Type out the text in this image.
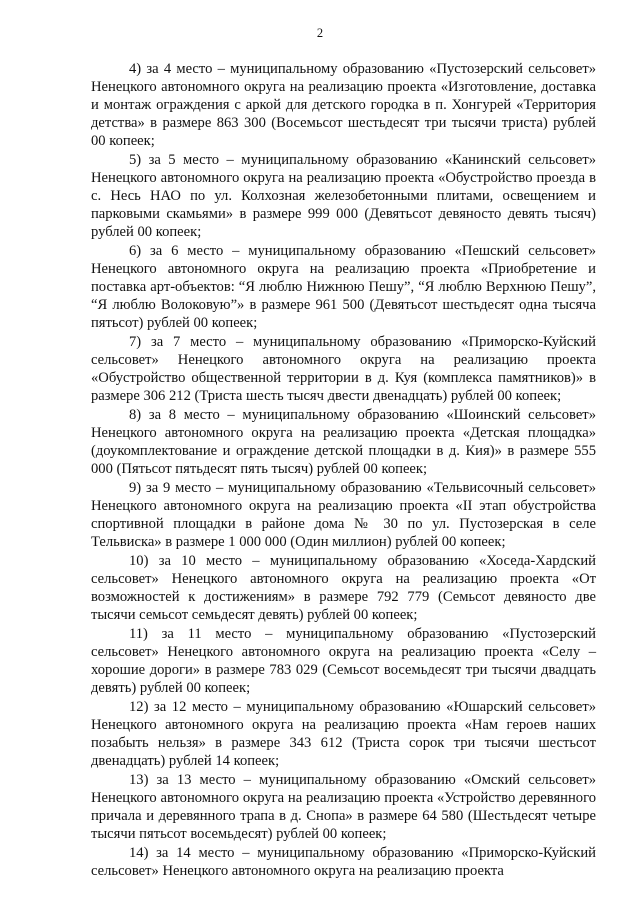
2

4) за 4 место – муниципальному образованию «Пустозерский сельсовет» Ненецкого автономного округа на реализацию проекта «Изготовление, доставка и монтаж ограждения с аркой для детского городка в п. Хонгурей «Территория детства» в размере 863 300 (Восемьсот шестьдесят три тысячи триста) рублей 00 копеек;

5) за 5 место – муниципальному образованию «Канинский сельсовет» Ненецкого автономного округа на реализацию проекта «Обустройство проезда в с. Несь НАО по ул. Колхозная железобетонными плитами, освещением и парковыми скамьями» в размере 999 000 (Девятьсот девяносто девять тысяч) рублей 00 копеек;

6) за 6 место – муниципальному образованию «Пешский сельсовет» Ненецкого автономного округа на реализацию проекта «Приобретение и поставка арт-объектов: “Я люблю Нижнюю Пешу”, “Я люблю Верхнюю Пешу”, “Я люблю Волоковую”» в размере 961 500 (Девятьсот шестьдесят одна тысяча пятьсот) рублей 00 копеек;

7) за 7 место – муниципальному образованию «Приморско-Куйский сельсовет» Ненецкого автономного округа на реализацию проекта «Обустройство общественной территории в д. Куя (комплекса памятников)» в размере 306 212 (Триста шесть тысяч двести двенадцать) рублей 00 копеек;

8) за 8 место – муниципальному образованию «Шоинский сельсовет» Ненецкого автономного округа на реализацию проекта «Детская площадка» (доукомплектование и ограждение детской площадки в д. Кия)» в размере 555 000 (Пятьсот пятьдесят пять тысяч) рублей 00 копеек;

9) за 9 место – муниципальному образованию «Тельвисочный сельсовет» Ненецкого автономного округа на реализацию проекта «II этап обустройства спортивной площадки в районе дома № 30 по ул. Пустозерская в селе Тельвиска» в размере 1 000 000 (Один миллион) рублей 00 копеек;

10) за 10 место – муниципальному образованию «Хоседа-Хардский сельсовет» Ненецкого автономного округа на реализацию проекта «От возможностей к достижениям» в размере 792 779 (Семьсот девяносто две тысячи семьсот семьдесят девять) рублей 00 копеек;

11) за 11 место – муниципальному образованию «Пустозерский сельсовет» Ненецкого автономного округа на реализацию проекта «Селу – хорошие дороги» в размере 783 029 (Семьсот восемьдесят три тысячи двадцать девять) рублей 00 копеек;

12) за 12 место – муниципальному образованию «Юшарский сельсовет» Ненецкого автономного округа на реализацию проекта «Нам героев наших позабыть нельзя» в размере 343 612 (Триста сорок три тысячи шестьсот двенадцать) рублей 14 копеек;

13) за 13 место – муниципальному образованию «Омский сельсовет» Ненецкого автономного округа на реализацию проекта «Устройство деревянного причала и деревянного трапа в д. Снопа» в размере 64 580 (Шестьдесят четыре тысячи пятьсот восемьдесят) рублей 00 копеек;

14) за 14 место – муниципальному образованию «Приморско-Куйский сельсовет» Ненецкого автономного округа на реализацию проекта
